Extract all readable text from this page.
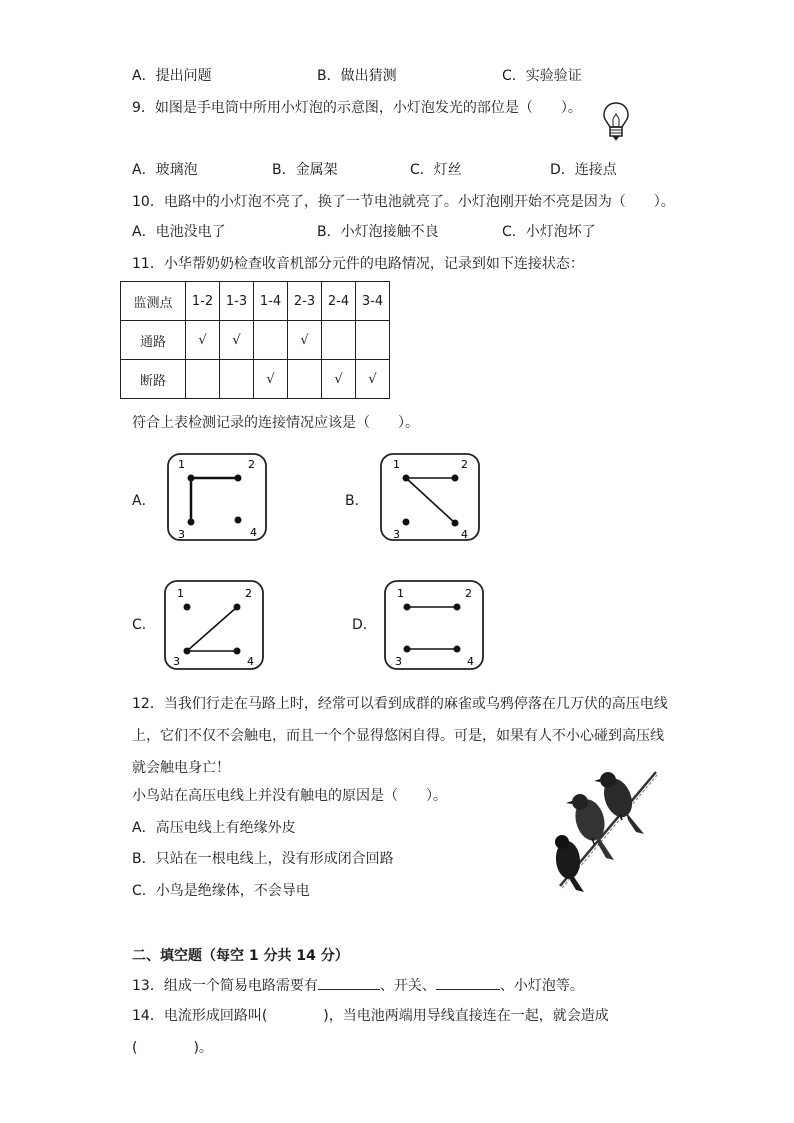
A．提出问题	B．做出猜测	C．实验验证
9．如图是手电筒中所用小灯泡的示意图，小灯泡发光的部位是（　　）。
A．玻璃泡	B．金属架	C．灯丝	D．连接点
10．电路中的小灯泡不亮了，换了一节电池就亮了。小灯泡刚开始不亮是因为（　　）。
A．电池没电了	B．小灯泡接触不良	C．小灯泡坏了
11．小华帮奶奶检查收音机部分元件的电路情况，记录到如下连接状态：
监测点	1-2	1-3	1-4	2-3	2-4	3-4
通路	√	√		√		
断路			√		√	√
符合上表检测记录的连接情况应该是（　　）。
A．
1	2
3	4
B．
1	2
3	4
C．
1	2
3	4
D．
1	2
3	4
12．当我们行走在马路上时，经常可以看到成群的麻雀或乌鸦停落在几万伏的高压电线
上，它们不仅不会触电，而且一个个显得悠闲自得。可是，如果有人不小心碰到高压线
就会触电身亡！
小鸟站在高压电线上并没有触电的原因是（　　）。
A．高压电线上有绝缘外皮
B．只站在一根电线上，没有形成闭合回路
C．小鸟是绝缘体，不会导电
二、填空题（每空 1 分共 14 分）
13．组成一个简易电路需要有	、开关、	、小灯泡等。
14．电流形成回路叫(　　　　)，当电池两端用导线直接连在一起，就会造成
(　　　　)。
